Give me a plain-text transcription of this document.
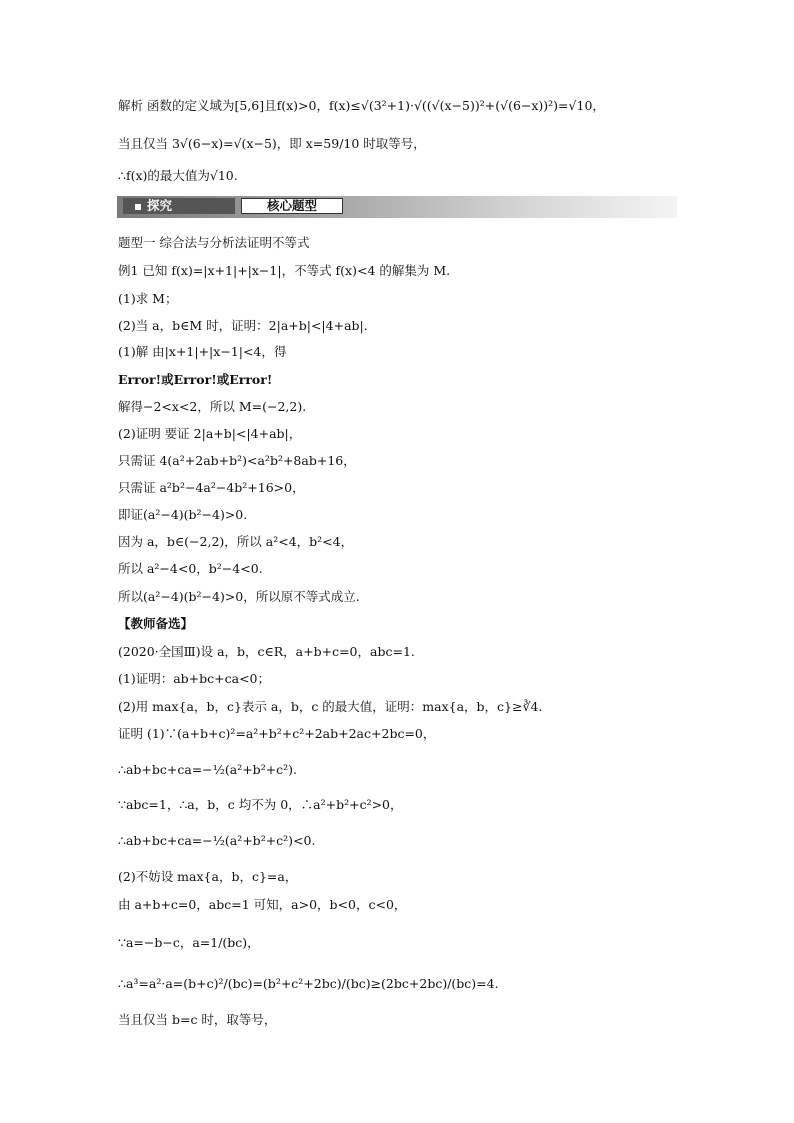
解析 函数的定义域为[5,6]且f(x)>0，f(x)≤√(3²+1)·√((√(x−5))²+(√(6−x))²)=√10，
当且仅当 3√(6−x)=√(x−5)，即 x=59/10 时取等号，
∴f(x)的最大值为√10.
探究	核心题型
题型一 综合法与分析法证明不等式
例1 已知 f(x)=|x+1|+|x−1|，不等式 f(x)<4 的解集为 M.
(1)求 M；
(2)当 a，b∈M 时，证明：2|a+b|<|4+ab|.
(1)解 由|x+1|+|x−1|<4，得
Error!或Error!或Error!
解得−2<x<2，所以 M=(−2,2).
(2)证明 要证 2|a+b|<|4+ab|，
只需证 4(a²+2ab+b²)<a²b²+8ab+16，
只需证 a²b²−4a²−4b²+16>0，
即证(a²−4)(b²−4)>0.
因为 a，b∈(−2,2)，所以 a²<4，b²<4，
所以 a²−4<0，b²−4<0.
所以(a²−4)(b²−4)>0，所以原不等式成立.
【教师备选】
(2020·全国Ⅲ)设 a，b，c∈R，a+b+c=0，abc=1.
(1)证明：ab+bc+ca<0；
(2)用 max{a，b，c}表示 a，b，c 的最大值，证明：max{a，b，c}≥∛4.
证明 (1)∵(a+b+c)²=a²+b²+c²+2ab+2ac+2bc=0，
∴ab+bc+ca=−½(a²+b²+c²).
∵abc=1，∴a，b，c 均不为 0，∴a²+b²+c²>0，
∴ab+bc+ca=−½(a²+b²+c²)<0.
(2)不妨设 max{a，b，c}=a，
由 a+b+c=0，abc=1 可知，a>0，b<0，c<0，
∵a=−b−c，a=1/(bc)，
∴a³=a²·a=(b+c)²/(bc)=(b²+c²+2bc)/(bc)≥(2bc+2bc)/(bc)=4.
当且仅当 b=c 时，取等号，
